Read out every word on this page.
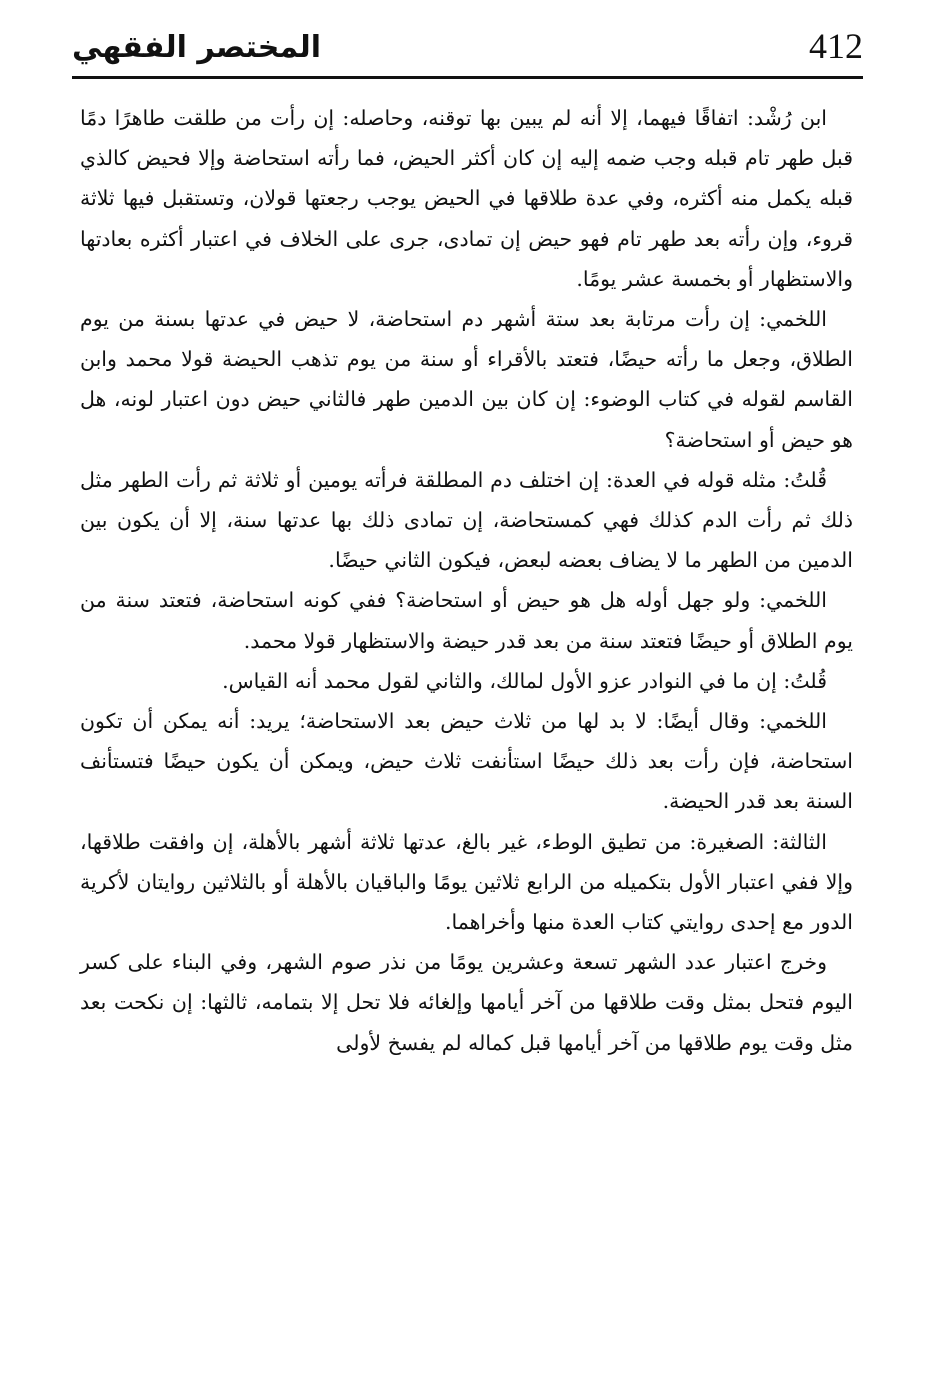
412
المختصر الفقهي

ابن رُشْد: اتفاقًا فيهما، إلا أنه لم يبين بها توقنه، وحاصله: إن رأت من طلقت طاهرًا دمًا قبل طهر تام قبله وجب ضمه إليه إن كان أكثر الحيض، فما رأته استحاضة وإلا فحيض كالذي قبله يكمل منه أكثره، وفي عدة طلاقها في الحيض يوجب رجعتها قولان، وتستقبل فيها ثلاثة قروء، وإن رأته بعد طهر تام فهو حيض إن تمادى، جرى على الخلاف في اعتبار أكثره بعادتها والاستظهار أو بخمسة عشر يومًا.

اللخمي: إن رأت مرتابة بعد ستة أشهر دم استحاضة، لا حيض في عدتها بسنة من يوم الطلاق، وجعل ما رأته حيضًا، فتعتد بالأقراء أو سنة من يوم تذهب الحيضة قولا محمد وابن القاسم لقوله في كتاب الوضوء: إن كان بين الدمين طهر فالثاني حيض دون اعتبار لونه، هل هو حيض أو استحاضة؟

قُلتُ: مثله قوله في العدة: إن اختلف دم المطلقة فرأته يومين أو ثلاثة ثم رأت الطهر مثل ذلك ثم رأت الدم كذلك فهي كمستحاضة، إن تمادى ذلك بها عدتها سنة، إلا أن يكون بين الدمين من الطهر ما لا يضاف بعضه لبعض، فيكون الثاني حيضًا.

اللخمي: ولو جهل أوله هل هو حيض أو استحاضة؟ ففي كونه استحاضة، فتعتد سنة من يوم الطلاق أو حيضًا فتعتد سنة من بعد قدر حيضة والاستظهار قولا محمد.

قُلتُ: إن ما في النوادر عزو الأول لمالك، والثاني لقول محمد أنه القياس.

اللخمي: وقال أيضًا: لا بد لها من ثلاث حيض بعد الاستحاضة؛ يريد: أنه يمكن أن تكون استحاضة، فإن رأت بعد ذلك حيضًا استأنفت ثلاث حيض، ويمكن أن يكون حيضًا فتستأنف السنة بعد قدر الحيضة.

الثالثة: الصغيرة: من تطيق الوطء، غير بالغ، عدتها ثلاثة أشهر بالأهلة، إن وافقت طلاقها، وإلا ففي اعتبار الأول بتكميله من الرابع ثلاثين يومًا والباقيان بالأهلة أو بالثلاثين روايتان لأكرية الدور مع إحدى روايتي كتاب العدة منها وأخراهما.

وخرج اعتبار عدد الشهر تسعة وعشرين يومًا من نذر صوم الشهر، وفي البناء على كسر اليوم فتحل بمثل وقت طلاقها من آخر أيامها وإلغائه فلا تحل إلا بتمامه، ثالثها: إن نكحت بعد مثل وقت يوم طلاقها من آخر أيامها قبل كماله لم يفسخ لأولى
